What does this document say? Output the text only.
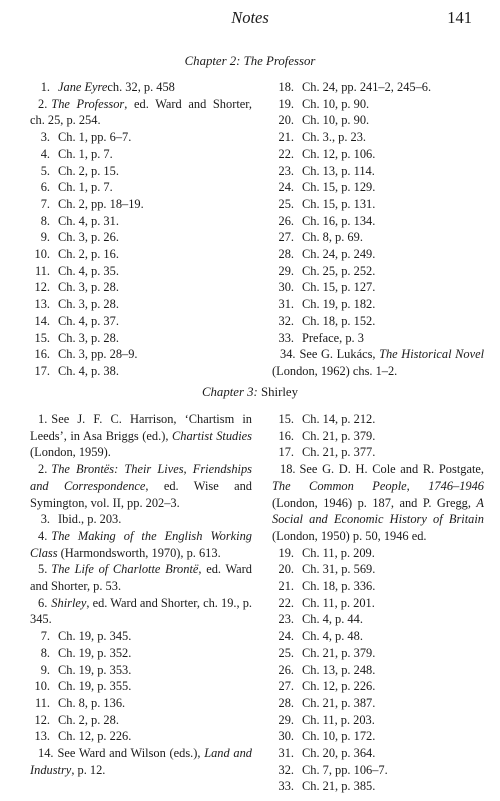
Notes	141
Chapter 2: The Professor

1. Jane Eyrech. 32, p. 458

2. The Professor, ed. Ward and Shorter, ch. 25, p. 254.

3. Ch. 1, pp. 6–7.

4. Ch. 1, p. 7.

5. Ch. 2, p. 15.

6. Ch. 1, p. 7.

7. Ch. 2, pp. 18–19.

8. Ch. 4, p. 31.

9. Ch. 3, p. 26.

10. Ch. 2, p. 16.

11. Ch. 4, p. 35.

12. Ch. 3, p. 28.

13. Ch. 3, p. 28.

14. Ch. 4, p. 37.

15. Ch. 3, p. 28.

16. Ch. 3, pp. 28–9.

17. Ch. 4, p. 38.

18. Ch. 24, pp. 241–2, 245–6.

19. Ch. 10, p. 90.

20. Ch. 10, p. 90.

21. Ch. 3., p. 23.

22. Ch. 12, p. 106.

23. Ch. 13, p. 114.

24. Ch. 15, p. 129.

25. Ch. 15, p. 131.

26. Ch. 16, p. 134.

27. Ch. 8, p. 69.

28. Ch. 24, p. 249.

29. Ch. 25, p. 252.

30. Ch. 15, p. 127.

31. Ch. 19, p. 182.

32. Ch. 18, p. 152.

33. Preface, p. 3

34. See G. Lukács, The Historical Novel (London, 1962) chs. 1–2.

Chapter 3: Shirley

1. See J. F. C. Harrison, ‘Chartism in Leeds’, in Asa Briggs (ed.), Chartist Studies (London, 1959).

2. The Brontës: Their Lives, Friendships and Correspondence, ed. Wise and Symington, vol. II, pp. 202–3.

3. Ibid., p. 203.

4. The Making of the English Working Class (Harmondsworth, 1970), p. 613.

5. The Life of Charlotte Brontë, ed. Ward and Shorter, p. 53.

6. Shirley, ed. Ward and Shorter, ch. 19., p. 345.

7. Ch. 19, p. 345.

8. Ch. 19, p. 352.

9. Ch. 19, p. 353.

10. Ch. 19, p. 355.

11. Ch. 8, p. 136.

12. Ch. 2, p. 28.

13. Ch. 12, p. 226.

14. See Ward and Wilson (eds.), Land and Industry, p. 12.

15. Ch. 14, p. 212.

16. Ch. 21, p. 379.

17. Ch. 21, p. 377.

18. See G. D. H. Cole and R. Postgate, The Common People, 1746–1946 (London, 1946) p. 187, and P. Gregg, A Social and Economic History of Britain (London, 1950) p. 50, 1946 ed.

19. Ch. 11, p. 209.

20. Ch. 31, p. 569.

21. Ch. 18, p. 336.

22. Ch. 11, p. 201.

23. Ch. 4, p. 44.

24. Ch. 4, p. 48.

25. Ch. 21, p. 379.

26. Ch. 13, p. 248.

27. Ch. 12, p. 226.

28. Ch. 21, p. 387.

29. Ch. 11, p. 203.

30. Ch. 10, p. 172.

31. Ch. 20, p. 364.

32. Ch. 7, pp. 106–7.

33. Ch. 21, p. 385.
